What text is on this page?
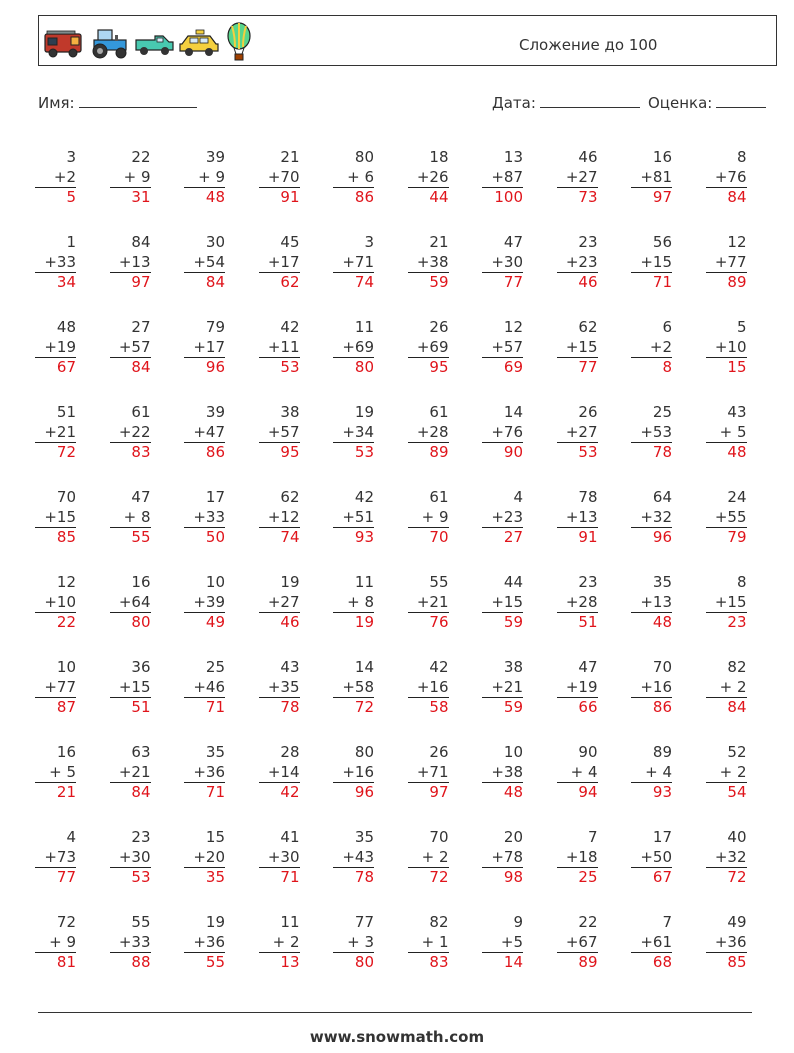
Сложение до 100
Имя:	Дата:	Оценка:
3
+2
5
22
+ 9
31
39
+ 9
48
21
+70
91
80
+ 6
86
18
+26
44
13
+87
100
46
+27
73
16
+81
97
8
+76
84
1
+33
34
84
+13
97
30
+54
84
45
+17
62
3
+71
74
21
+38
59
47
+30
77
23
+23
46
56
+15
71
12
+77
89
48
+19
67
27
+57
84
79
+17
96
42
+11
53
11
+69
80
26
+69
95
12
+57
69
62
+15
77
6
+2
8
5
+10
15
51
+21
72
61
+22
83
39
+47
86
38
+57
95
19
+34
53
61
+28
89
14
+76
90
26
+27
53
25
+53
78
43
+ 5
48
70
+15
85
47
+ 8
55
17
+33
50
62
+12
74
42
+51
93
61
+ 9
70
4
+23
27
78
+13
91
64
+32
96
24
+55
79
12
+10
22
16
+64
80
10
+39
49
19
+27
46
11
+ 8
19
55
+21
76
44
+15
59
23
+28
51
35
+13
48
8
+15
23
10
+77
87
36
+15
51
25
+46
71
43
+35
78
14
+58
72
42
+16
58
38
+21
59
47
+19
66
70
+16
86
82
+ 2
84
16
+ 5
21
63
+21
84
35
+36
71
28
+14
42
80
+16
96
26
+71
97
10
+38
48
90
+ 4
94
89
+ 4
93
52
+ 2
54
4
+73
77
23
+30
53
15
+20
35
41
+30
71
35
+43
78
70
+ 2
72
20
+78
98
7
+18
25
17
+50
67
40
+32
72
72
+ 9
81
55
+33
88
19
+36
55
11
+ 2
13
77
+ 3
80
82
+ 1
83
9
+5
14
22
+67
89
7
+61
68
49
+36
85
www.snowmath.com
